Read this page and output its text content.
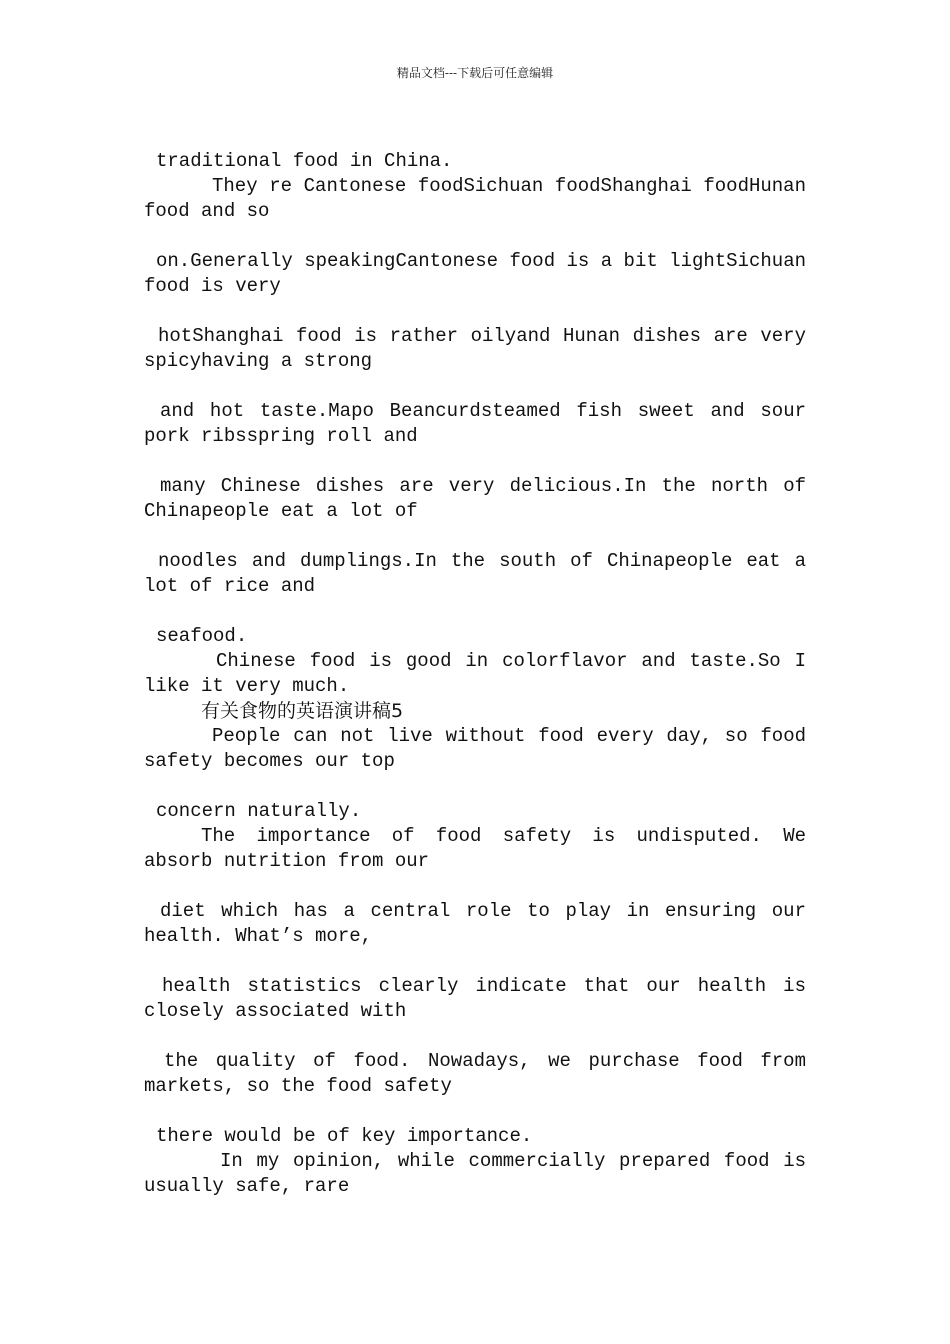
精品文档---下载后可任意编辑

traditional food in China.

They re Cantonese foodSichuan foodShanghai foodHunan food and so

on.Generally speakingCantonese food is a bit lightSichuan food is very

hotShanghai food is rather oilyand Hunan dishes are very spicyhaving a strong

and hot taste.Mapo Beancurdsteamed fish sweet and sour pork ribsspring roll and

many Chinese dishes are very delicious.In the north of Chinapeople eat a lot of

noodles and dumplings.In the south of Chinapeople eat a lot of rice and

seafood.

Chinese food is good in colorflavor and taste.So I like it very much.

有关食物的英语演讲稿5

People can not live without food every day, so food safety becomes our top

concern naturally.

The importance of food safety is undisputed. We absorb nutrition from our

diet which has a central role to play in ensuring our health. What’s more,

health statistics clearly indicate that our health is closely associated with

the quality of food. Nowadays, we purchase food from markets, so the food safety

there would be of key importance.

In my opinion, while commercially prepared food is usually safe, rare
